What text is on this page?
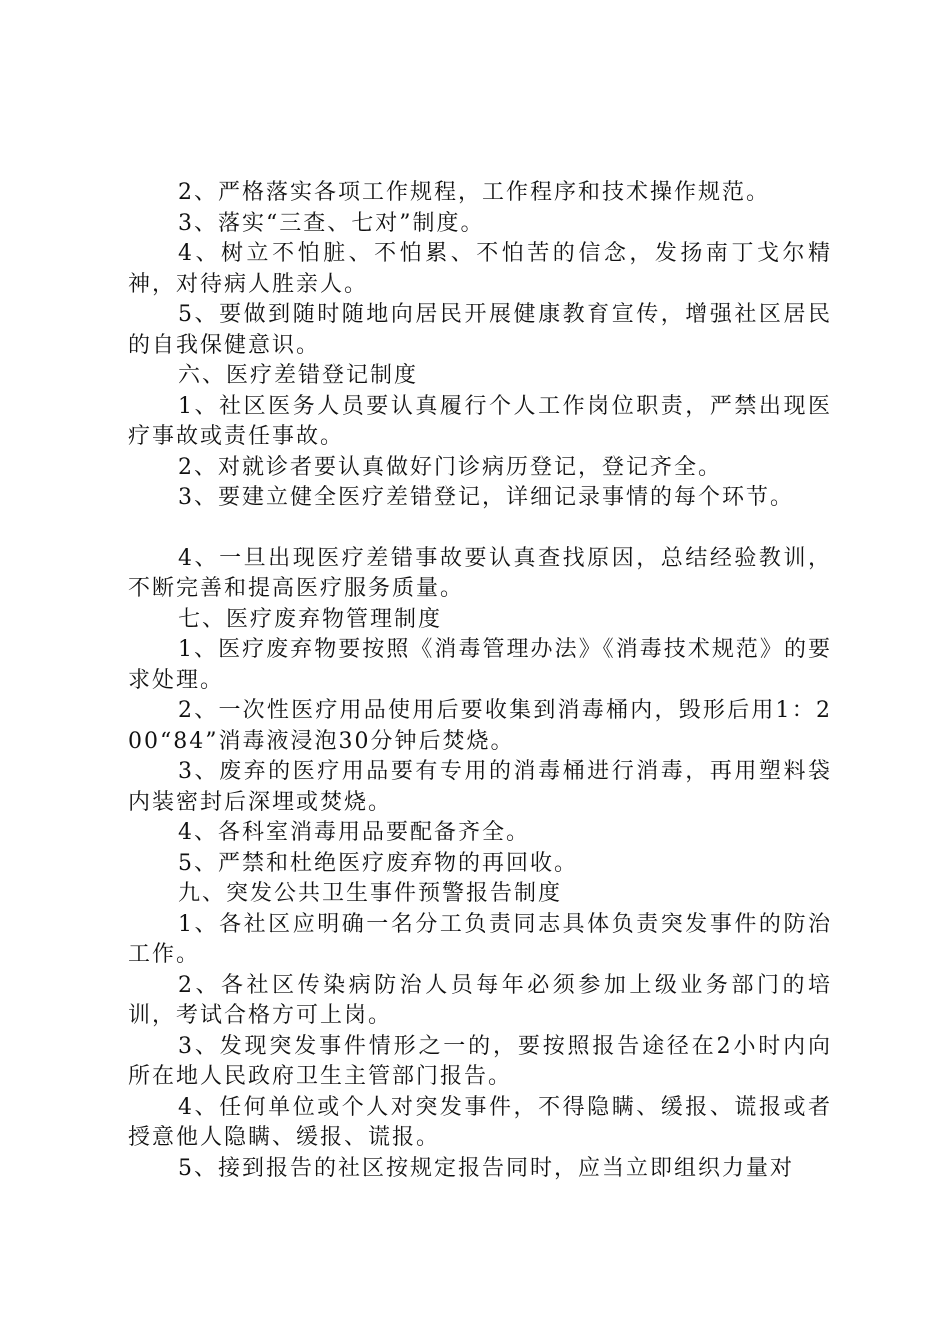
2、严格落实各项工作规程，工作程序和技术操作规范。

3、落实“三查、七对”制度。

4、树立不怕脏、不怕累、不怕苦的信念，发扬南丁戈尔精神，对待病人胜亲人。

5、要做到随时随地向居民开展健康教育宣传，增强社区居民的自我保健意识。

六、医疗差错登记制度

1、社区医务人员要认真履行个人工作岗位职责，严禁出现医疗事故或责任事故。

2、对就诊者要认真做好门诊病历登记，登记齐全。

3、要建立健全医疗差错登记，详细记录事情的每个环节。

4、一旦出现医疗差错事故要认真查找原因，总结经验教训，不断完善和提高医疗服务质量。

七、医疗废弃物管理制度

1、医疗废弃物要按照《消毒管理办法》《消毒技术规范》的要求处理。

2、一次性医疗用品使用后要收集到消毒桶内，毁形后用1：200“84”消毒液浸泡30分钟后焚烧。

3、废弃的医疗用品要有专用的消毒桶进行消毒，再用塑料袋内装密封后深埋或焚烧。

4、各科室消毒用品要配备齐全。

5、严禁和杜绝医疗废弃物的再回收。

九、突发公共卫生事件预警报告制度

1、各社区应明确一名分工负责同志具体负责突发事件的防治工作。

2、各社区传染病防治人员每年必须参加上级业务部门的培训，考试合格方可上岗。

3、发现突发事件情形之一的，要按照报告途径在2小时内向所在地人民政府卫生主管部门报告。

4、任何单位或个人对突发事件，不得隐瞒、缓报、谎报或者授意他人隐瞒、缓报、谎报。

5、接到报告的社区按规定报告同时，应当立即组织力量对
